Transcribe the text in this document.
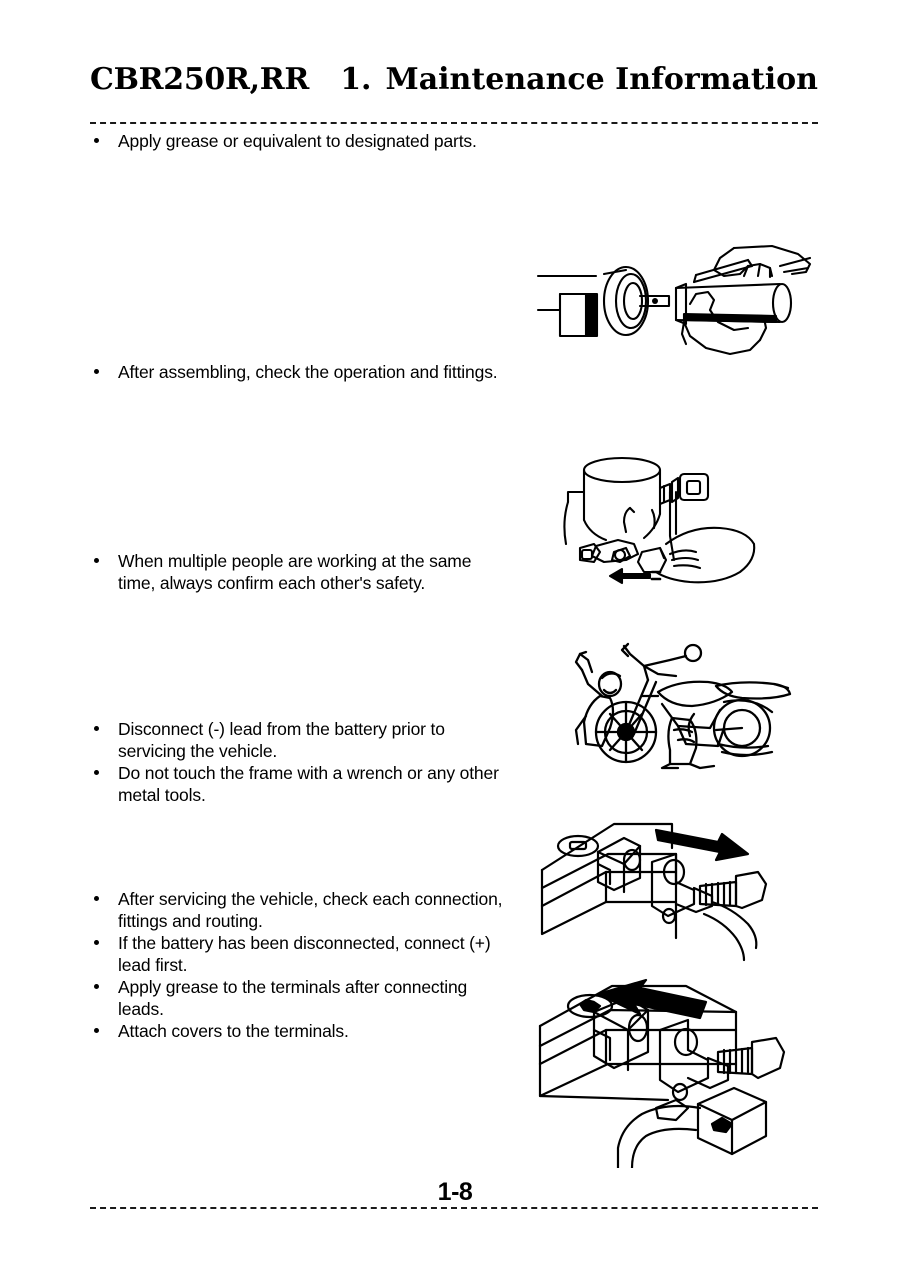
CBR250R,RR 1. Maintenance Information

Apply grease or equivalent to designated parts.

After assembling, check the operation and fittings.

When multiple people are working at the same time, always confirm each other's safety.

Disconnect (-) lead from the battery prior to servicing the vehicle.

Do not touch the frame with a wrench or any other metal tools.

After servicing the vehicle, check each connection, fittings and routing.

If the battery has been disconnected, connect (+) lead first.

Apply grease to the terminals after connecting leads.

Attach covers to the terminals.

1-8
